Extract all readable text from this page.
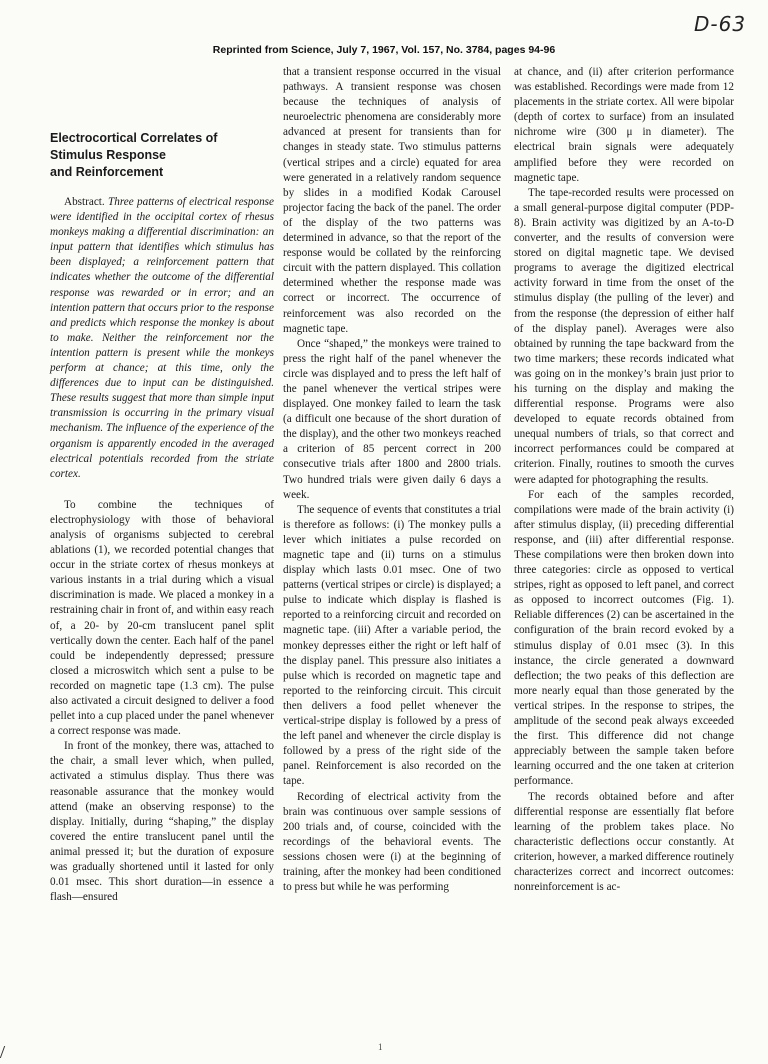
D-63
Reprinted from Science, July 7, 1967, Vol. 157, No. 3784, pages 94-96

Electrocortical Correlates of
Stimulus Response
and Reinforcement

Abstract. Three patterns of electrical response were identified in the occipital cortex of rhesus monkeys making a differential discrimination: an input pattern that identifies which stimulus has been displayed; a reinforcement pattern that indicates whether the outcome of the differential response was rewarded or in error; and an intention pattern that occurs prior to the response and predicts which response the monkey is about to make. Neither the reinforcement nor the intention pattern is present while the monkeys perform at chance; at this time, only the differences due to input can be distinguished. These results suggest that more than simple input transmission is occurring in the primary visual mechanism. The influence of the experience of the organism is apparently encoded in the averaged electrical potentials recorded from the striate cortex.

To combine the techniques of electrophysiology with those of behavioral analysis of organisms subjected to cerebral ablations (1), we recorded potential changes that occur in the striate cortex of rhesus monkeys at various instants in a trial during which a visual discrimination is made. We placed a monkey in a restraining chair in front of, and within easy reach of, a 20- by 20-cm translucent panel split vertically down the center. Each half of the panel could be independently depressed; pressure closed a microswitch which sent a pulse to be recorded on magnetic tape (1.3 cm). The pulse also activated a circuit designed to deliver a food pellet into a cup placed under the panel whenever a correct response was made.

In front of the monkey, there was, attached to the chair, a small lever which, when pulled, activated a stimulus display. Thus there was reasonable assurance that the monkey would attend (make an observing response) to the display. Initially, during “shaping,” the display covered the entire translucent panel until the animal pressed it; but the duration of exposure was gradually shortened until it lasted for only 0.01 msec. This short duration—in essence a flash—ensured

that a transient response occurred in the visual pathways. A transient response was chosen because the techniques of analysis of neuroelectric phenomena are considerably more advanced at present for transients than for changes in steady state. Two stimulus patterns (vertical stripes and a circle) equated for area were generated in a relatively random sequence by slides in a modified Kodak Carousel projector facing the back of the panel. The order of the display of the two patterns was determined in advance, so that the report of the response would be collated by the reinforcing circuit with the pattern displayed. This collation determined whether the response made was correct or incorrect. The occurrence of reinforcement was also recorded on the magnetic tape.

Once “shaped,” the monkeys were trained to press the right half of the panel whenever the circle was displayed and to press the left half of the panel whenever the vertical stripes were displayed. One monkey failed to learn the task (a difficult one because of the short duration of the display), and the other two monkeys reached a criterion of 85 percent correct in 200 consecutive trials after 1800 and 2800 trials. Two hundred trials were given daily 6 days a week.

The sequence of events that constitutes a trial is therefore as follows: (i) The monkey pulls a lever which initiates a pulse recorded on magnetic tape and (ii) turns on a stimulus display which lasts 0.01 msec. One of two patterns (vertical stripes or circle) is displayed; a pulse to indicate which display is flashed is reported to a reinforcing circuit and recorded on magnetic tape. (iii) After a variable period, the monkey depresses either the right or left half of the display panel. This pressure also initiates a pulse which is recorded on magnetic tape and reported to the reinforcing circuit. This circuit then delivers a food pellet whenever the vertical-stripe display is followed by a press of the left panel and whenever the circle display is followed by a press of the right side of the panel. Reinforcement is also recorded on the tape.

Recording of electrical activity from the brain was continuous over sample sessions of 200 trials and, of course, coincided with the recordings of the behavioral events. The sessions chosen were (i) at the beginning of training, after the monkey had been conditioned to press but while he was performing

at chance, and (ii) after criterion performance was established. Recordings were made from 12 placements in the striate cortex. All were bipolar (depth of cortex to surface) from an insulated nichrome wire (300 μ in diameter). The electrical brain signals were adequately amplified before they were recorded on magnetic tape.

The tape-recorded results were processed on a small general-purpose digital computer (PDP-8). Brain activity was digitized by an A-to-D converter, and the results of conversion were stored on digital magnetic tape. We devised programs to average the digitized electrical activity forward in time from the onset of the stimulus display (the pulling of the lever) and from the response (the depression of either half of the display panel). Averages were also obtained by running the tape backward from the two time markers; these records indicated what was going on in the monkey’s brain just prior to his turning on the display and making the differential response. Programs were also developed to equate records obtained from unequal numbers of trials, so that correct and incorrect performances could be compared at criterion. Finally, routines to smooth the curves were adapted for photographing the results.

For each of the samples recorded, compilations were made of the brain activity (i) after stimulus display, (ii) preceding differential response, and (iii) after differential response. These compilations were then broken down into three categories: circle as opposed to vertical stripes, right as opposed to left panel, and correct as opposed to incorrect outcomes (Fig. 1). Reliable differences (2) can be ascertained in the configuration of the brain record evoked by a stimulus display of 0.01 msec (3). In this instance, the circle generated a downward deflection; the two peaks of this deflection are more nearly equal than those generated by the vertical stripes. In the response to stripes, the amplitude of the second peak always exceeded the first. This difference did not change appreciably between the sample taken before learning occurred and the one taken at criterion performance.

The records obtained before and after differential response are essentially flat before learning of the problem takes place. No characteristic deflections occur constantly. At criterion, however, a marked difference routinely characterizes correct and incorrect outcomes: nonreinforcement is ac-

1
